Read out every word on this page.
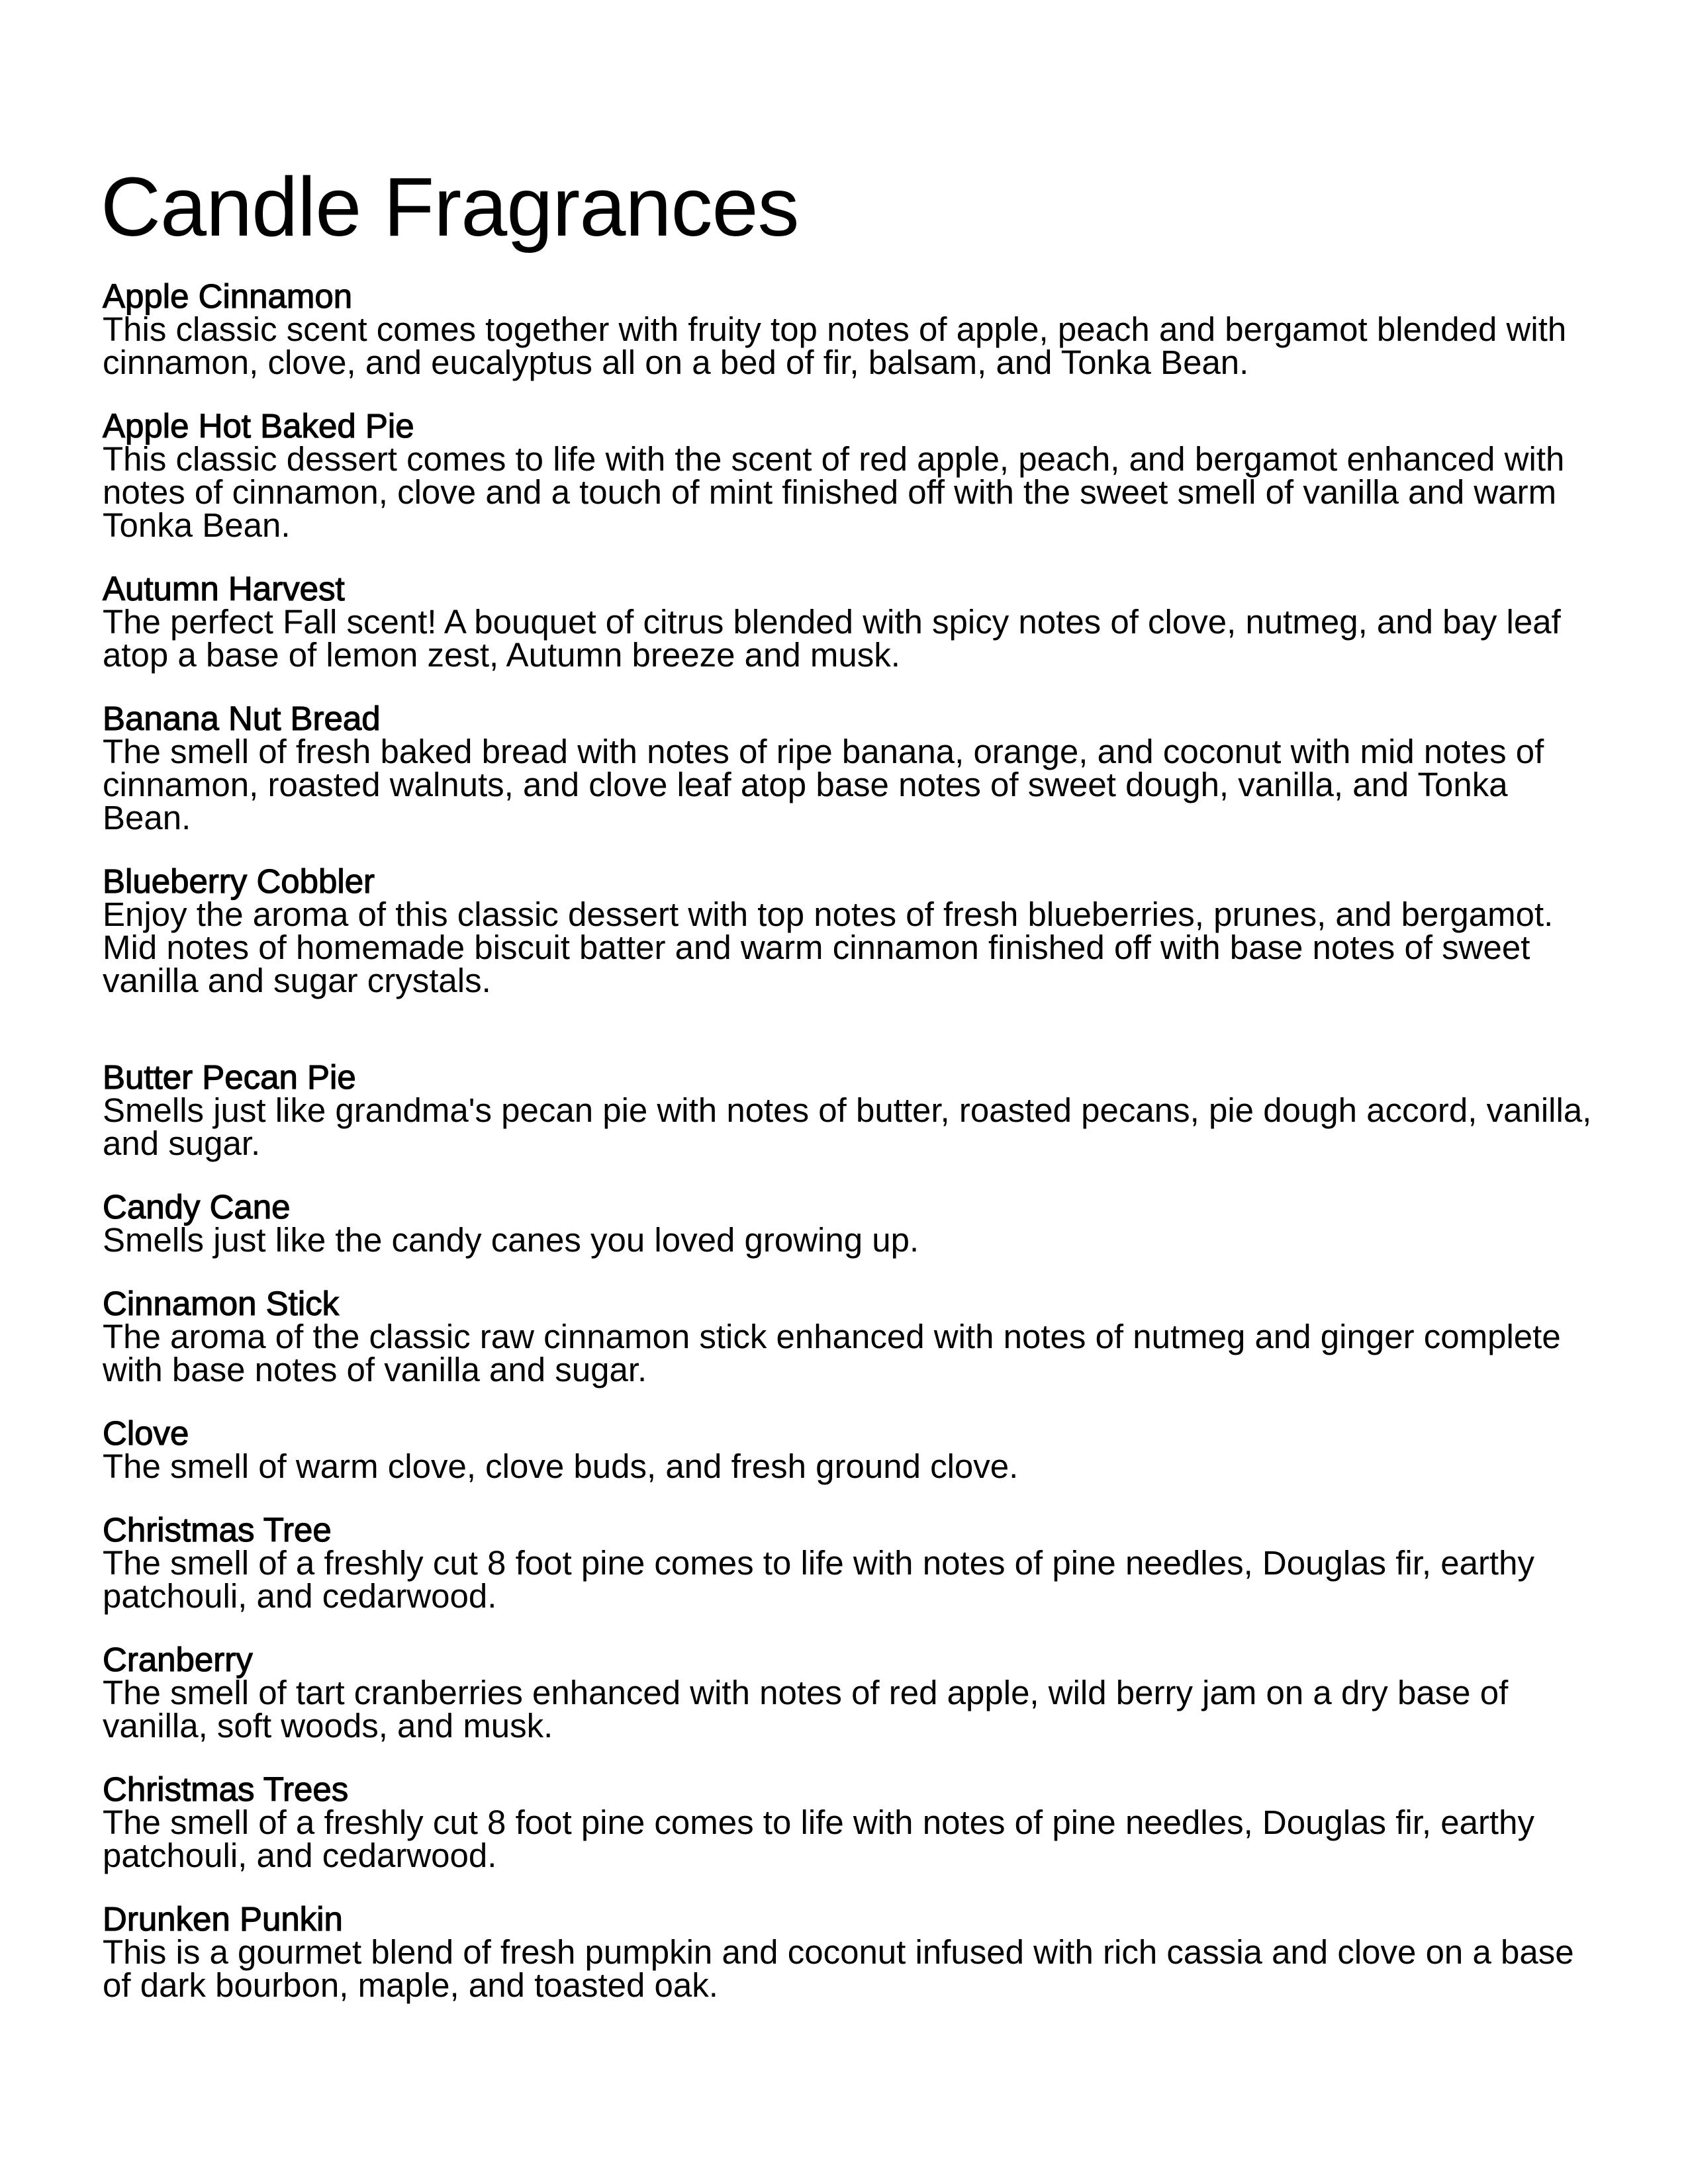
Candle Fragrances
Apple Cinnamon
This classic scent comes together with fruity top notes of apple, peach and bergamot blended with cinnamon, clove, and eucalyptus all on a bed of fir, balsam, and Tonka Bean.
Apple Hot Baked Pie
This classic dessert comes to life with the scent of red apple, peach, and bergamot enhanced with notes of cinnamon, clove and a touch of mint finished off with the sweet smell of vanilla and warm Tonka Bean.
Autumn Harvest
The perfect Fall scent! A bouquet of citrus blended with spicy notes of clove, nutmeg, and bay leaf atop a base of lemon zest, Autumn breeze and musk.
Banana Nut Bread
The smell of fresh baked bread with notes of ripe banana, orange, and coconut with mid notes of cinnamon, roasted walnuts, and clove leaf atop base notes of sweet dough, vanilla, and Tonka Bean.
Blueberry Cobbler
Enjoy the aroma of this classic dessert with top notes of fresh blueberries, prunes, and bergamot. Mid notes of homemade biscuit batter and warm cinnamon finished off with base notes of sweet vanilla and sugar crystals.
Butter Pecan Pie
Smells just like grandma's pecan pie with notes of butter, roasted pecans, pie dough accord, vanilla, and sugar.
Candy Cane
Smells just like the candy canes you loved growing up.
Cinnamon Stick
The aroma of the classic raw cinnamon stick enhanced with notes of nutmeg and ginger complete with base notes of vanilla and sugar.
Clove
The smell of warm clove, clove buds, and fresh ground clove.
Christmas Tree
The smell of a freshly cut 8 foot pine comes to life with notes of pine needles, Douglas fir, earthy patchouli, and cedarwood.
Cranberry
The smell of tart cranberries enhanced with notes of red apple, wild berry jam on a dry base of vanilla, soft woods, and musk.
Christmas Trees
The smell of a freshly cut 8 foot pine comes to life with notes of pine needles, Douglas fir, earthy patchouli, and cedarwood.
Drunken Punkin
This is a gourmet blend of fresh pumpkin and coconut infused with rich cassia and clove on a base of dark bourbon, maple, and toasted oak.
